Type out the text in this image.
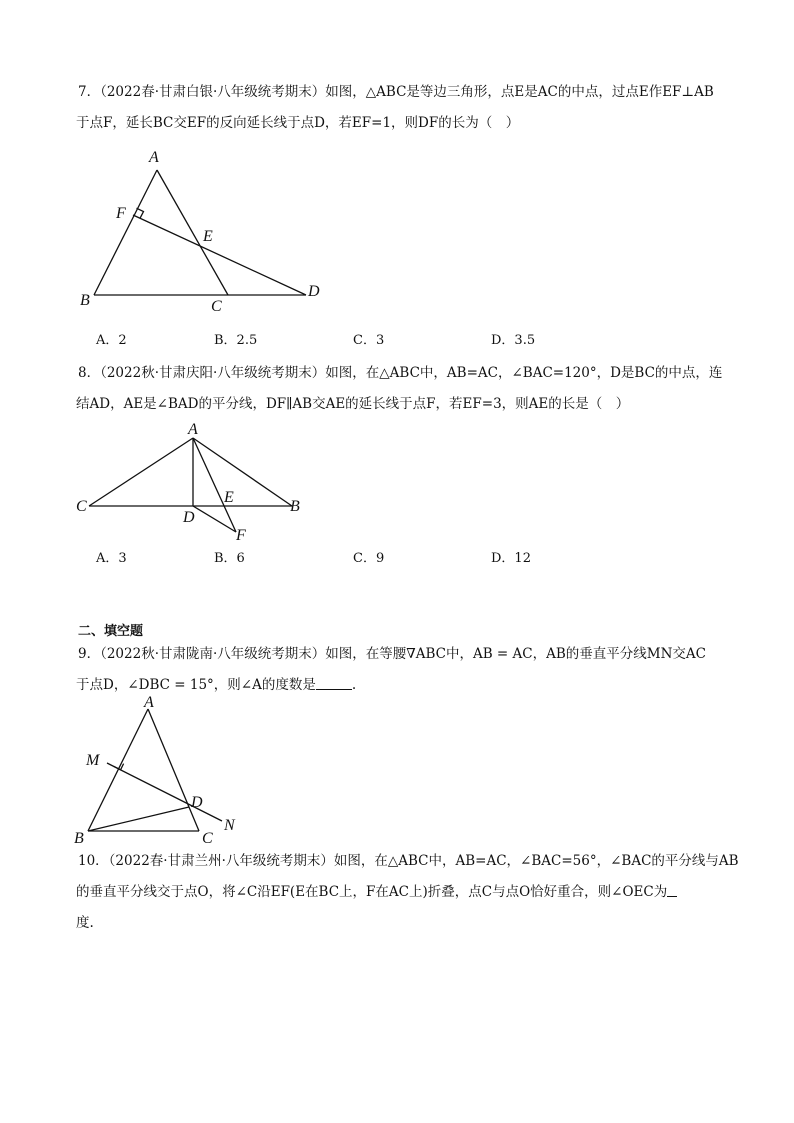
7．（2022春·甘肃白银·八年级统考期末）如图，△ABC是等边三角形，点E是AC的中点，过点E作EF⊥AB
于点F，延长BC交EF的反向延长线于点D，若EF=1，则DF的长为（　）
A
F
E
B	C
D
A．2	B．2.5	C．3	D．3.5
8．（2022秋·甘肃庆阳·八年级统考期末）如图，在△ABC中，AB=AC，∠BAC=120°，D是BC的中点，连
结AD，AE是∠BAD的平分线，DF∥AB交AE的延长线于点F，若EF=3，则AE的长是（　）
A
C
E
B
D
F
A．3	B．6	C．9	D．12
二、填空题
9．（2022秋·甘肃陇南·八年级统考期末）如图，在等腰∇ABC中，AB = AC，AB的垂直平分线MN交AC
于点D，∠DBC = 15°，则∠A的度数是	.
A
M
D
N
B	C
10．（2022春·甘肃兰州·八年级统考期末）如图，在△ABC中，AB=AC，∠BAC=56°，∠BAC的平分线与AB
的垂直平分线交于点O，将∠C沿EF(E在BC上，F在AC上)折叠，点C与点O恰好重合，则∠OEC为
度.
